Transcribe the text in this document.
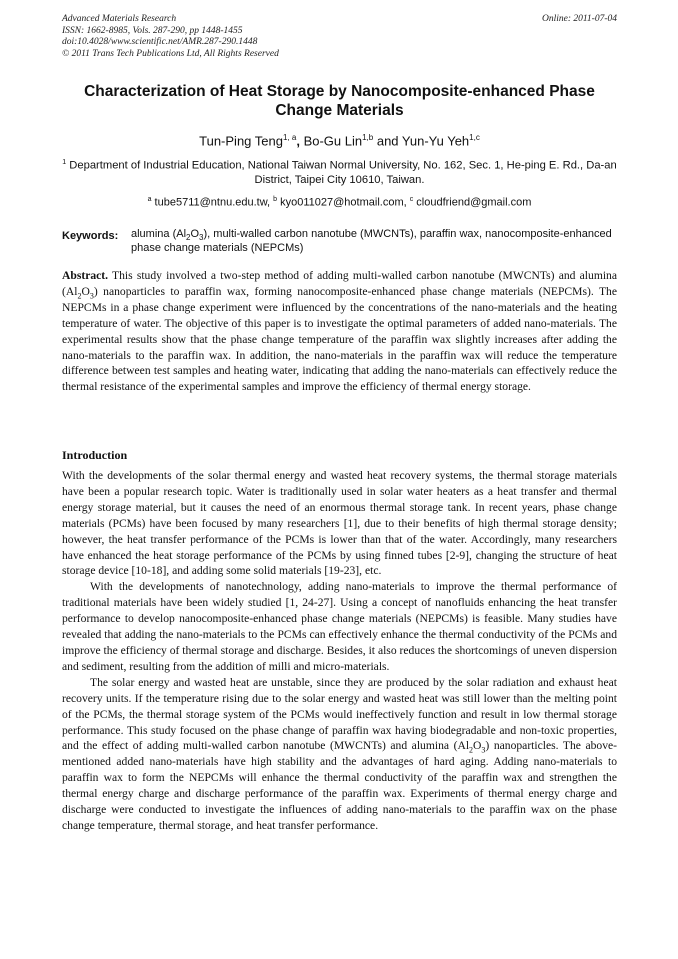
Advanced Materials Research
ISSN: 1662-8985, Vols. 287-290, pp 1448-1455
doi:10.4028/www.scientific.net/AMR.287-290.1448
© 2011 Trans Tech Publications Ltd, All Rights Reserved
Online: 2011-07-04
Characterization of Heat Storage by Nanocomposite-enhanced Phase Change Materials
Tun-Ping Teng$^{1, a}$, Bo-Gu Lin$^{1,b}$ and Yun-Yu Yeh$^{1,c}$
$^1$ Department of Industrial Education, National Taiwan Normal University, No. 162, Sec. 1, He-ping E. Rd., Da-an District, Taipei City 10610, Taiwan.
$^a$ tube5711@ntnu.edu.tw, $^b$ kyo011027@hotmail.com, $^c$ cloudfriend@gmail.com
Keywords: alumina $(Al_2O_3)$, multi-walled carbon nanotube (MWCNTs), paraffin wax, nanocomposite-enhanced phase change materials (NEPCMs)
Abstract. This study involved a two-step method of adding multi-walled carbon nanotube (MWCNTs) and alumina $(Al_2O_3)$ nanoparticles to paraffin wax, forming nanocomposite-enhanced phase change materials (NEPCMs). The NEPCMs in a phase change experiment were influenced by the concentrations of the nano-materials and the heating temperature of water. The objective of this paper is to investigate the optimal parameters of added nano-materials. The experimental results show that the phase change temperature of the paraffin wax slightly increases after adding the nano-materials to the paraffin wax. In addition, the nano-materials in the paraffin wax will reduce the temperature difference between test samples and heating water, indicating that adding the nano-materials can effectively reduce the thermal resistance of the experimental samples and improve the efficiency of thermal energy storage.
Introduction

With the developments of the solar thermal energy and wasted heat recovery systems, the thermal storage materials have been a popular research topic. Water is traditionally used in solar water heaters as a heat transfer and thermal energy storage material, but it causes the need of an enormous thermal storage tank. In recent years, phase change materials (PCMs) have been focused by many researchers [1], due to their benefits of high thermal storage density; however, the heat transfer performance of the PCMs is lower than that of the water. Accordingly, many researchers have enhanced the heat storage performance of the PCMs by using finned tubes [2-9], changing the structure of heat storage device [10-18], and adding some solid materials [19-23], etc.

With the developments of nanotechnology, adding nano-materials to improve the thermal performance of traditional materials have been widely studied [1, 24-27]. Using a concept of nanofluids enhancing the heat transfer performance to develop nanocomposite-enhanced phase change materials (NEPCMs) is feasible. Many studies have revealed that adding the nano-materials to the PCMs can effectively enhance the thermal conductivity of the PCMs and improve the efficiency of thermal storage and discharge. Besides, it also reduces the shortcomings of uneven dispersion and sediment, resulting from the addition of milli and micro-materials.

The solar energy and wasted heat are unstable, since they are produced by the solar radiation and exhaust heat recovery units. If the temperature rising due to the solar energy and wasted heat was still lower than the melting point of the PCMs, the thermal storage system of the PCMs would ineffectively function and result in low thermal storage performance. This study focused on the phase change of paraffin wax having biodegradable and non-toxic properties, and the effect of adding multi-walled carbon nanotube (MWCNTs) and alumina $(Al_2O_3)$ nanoparticles. The above-mentioned added nano-materials have high stability and the advantages of hard aging. Adding nano-materials to paraffin wax to form the NEPCMs will enhance the thermal conductivity of the paraffin wax and strengthen the thermal energy charge and discharge performance of the paraffin wax. Experiments of thermal energy charge and discharge were conducted to investigate the influences of adding nano-materials to the paraffin wax on the phase change temperature, thermal storage, and heat transfer performance.
